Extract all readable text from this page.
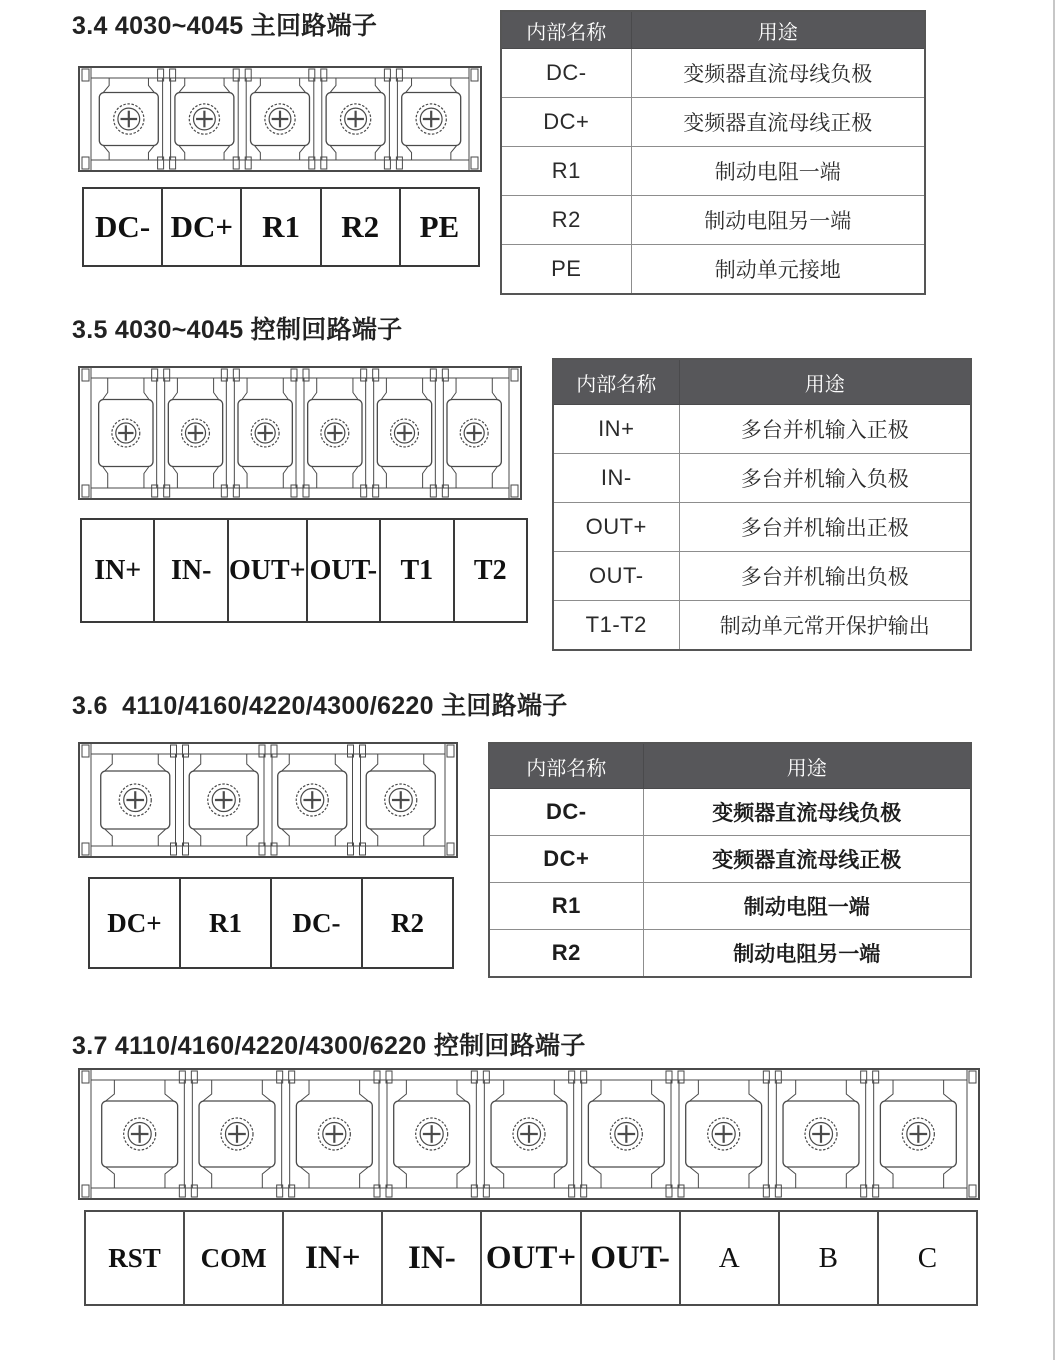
3.4 4030~4045 主回路端子
DC- DC+ R1	R2	PE
内部名称	用途
DC-	变频器直流母线负极
DC+	变频器直流母线正极
R1	制动电阻一端
R2	制动电阻另一端
PE	制动单元接地
3.5 4030~4045 控制回路端子
IN+	IN- OUT+ OUT- T1	T2
内部名称	用途
IN+	多台并机输入正极
IN-	多台并机输入负极
OUT+	多台并机输出正极
OUT-	多台并机输出负极
T1-T2	制动单元常开保护输出
3.6  4110/4160/4220/4300/6220 主回路端子
DC+	R1	DC-	R2
内部名称	用途
DC-	变频器直流母线负极
DC+	变频器直流母线正极
R1	制动电阻一端
R2	制动电阻另一端
3.7 4110/4160/4220/4300/6220 控制回路端子
RST	COM	IN+	IN- OUT+ OUT-	A	B	C
